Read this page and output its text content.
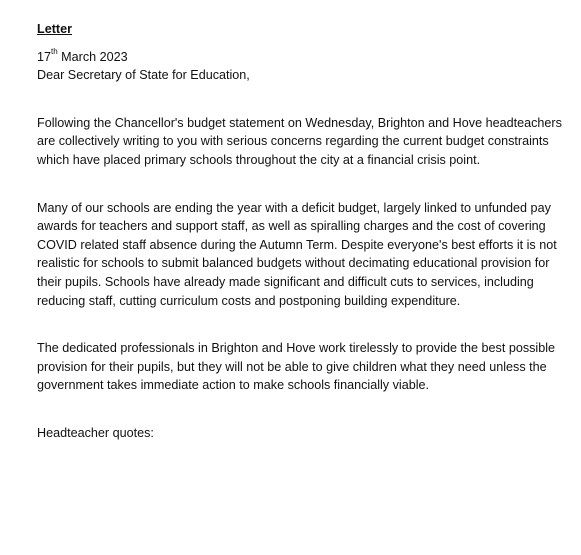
Letter

17th March 2023

Dear Secretary of State for Education,

Following the Chancellor's budget statement on Wednesday, Brighton and Hove headteachers are collectively writing to you with serious concerns regarding the current budget constraints which have placed primary schools throughout the city at a financial crisis point.

Many of our schools are ending the year with a deficit budget, largely linked to unfunded pay awards for teachers and support staff, as well as spiralling charges and the cost of covering COVID related staff absence during the Autumn Term. Despite everyone's best efforts it is not realistic for schools to submit balanced budgets without decimating educational provision for their pupils. Schools have already made significant and difficult cuts to services, including reducing staff, cutting curriculum costs and postponing building expenditure.

The dedicated professionals in Brighton and Hove work tirelessly to provide the best possible provision for their pupils, but they will not be able to give children what they need unless the government takes immediate action to make schools financially viable.

Headteacher quotes:
